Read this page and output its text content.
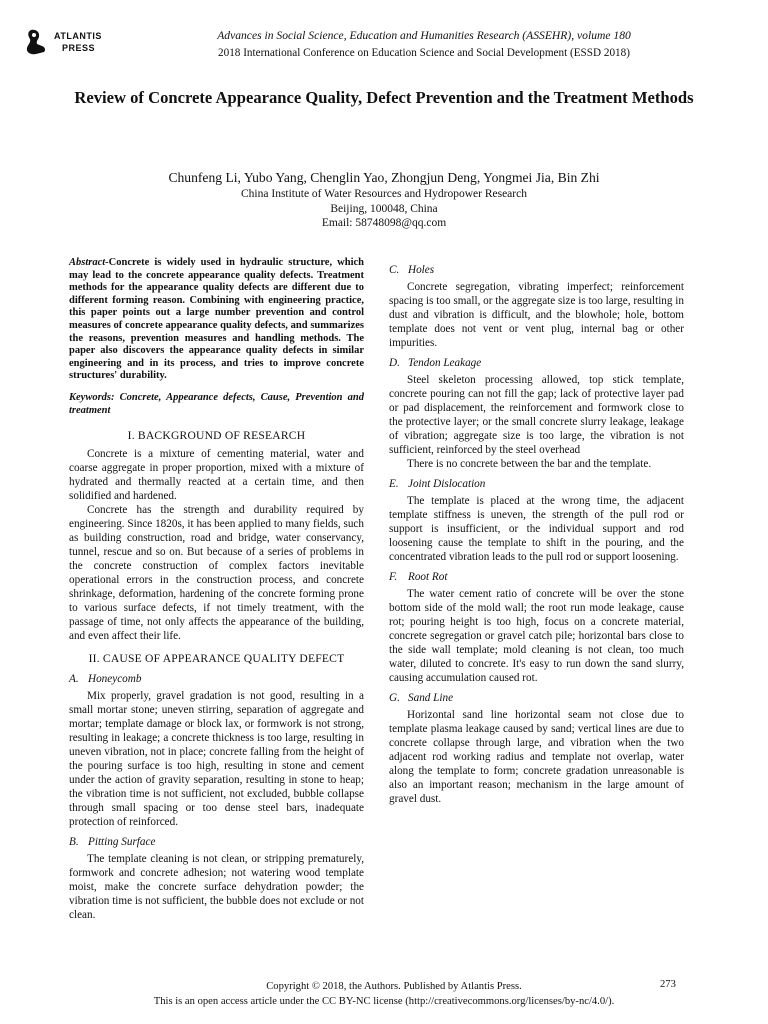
ATLANTIS
PRESS
Advances in Social Science, Education and Humanities Research (ASSEHR), volume 180
2018 International Conference on Education Science and Social Development (ESSD 2018)
Review of Concrete Appearance Quality, Defect Prevention and the Treatment Methods
Chunfeng Li, Yubo Yang, Chenglin Yao, Zhongjun Deng, Yongmei Jia, Bin Zhi
China Institute of Water Resources and Hydropower Research
Beijing, 100048, China
Email: 58748098@qq.com

Abstract-Concrete is widely used in hydraulic structure, which may lead to the concrete appearance quality defects. Treatment methods for the appearance quality defects are different due to different forming reason. Combining with engineering practice, this paper points out a large number prevention and control measures of concrete appearance quality defects, and summarizes the reasons, prevention measures and handling methods. The paper also discovers the appearance quality defects in similar engineering and in its process, and tries to improve concrete structures' durability.

Keywords: Concrete, Appearance defects, Cause, Prevention and treatment

I. BACKGROUND OF RESEARCH

Concrete is a mixture of cementing material, water and coarse aggregate in proper proportion, mixed with a mixture of hydrated and thermally reacted at a certain time, and then solidified and hardened.

Concrete has the strength and durability required by engineering. Since 1820s, it has been applied to many fields, such as building construction, road and bridge, water conservancy, tunnel, rescue and so on. But because of a series of problems in the concrete construction of complex factors inevitable operational errors in the construction process, and concrete shrinkage, deformation, hardening of the concrete forming prone to various surface defects, if not timely treatment, with the passage of time, not only affects the appearance of the building, and even affect their life.

II. CAUSE OF APPEARANCE QUALITY DEFECT

A. Honeycomb

Mix properly, gravel gradation is not good, resulting in a small mortar stone; uneven stirring, separation of aggregate and mortar; template damage or block lax, or formwork is not strong, resulting in leakage; a concrete thickness is too large, resulting in uneven vibration, not in place; concrete falling from the height of the pouring surface is too high, resulting in stone and cement under the action of gravity separation, resulting in stone to heap; the vibration time is not sufficient, not excluded, bubble collapse through small spacing or too dense steel bars, inadequate protection of reinforced.

B. Pitting Surface

The template cleaning is not clean, or stripping prematurely, formwork and concrete adhesion; not watering wood template moist, make the concrete surface dehydration powder; the vibration time is not sufficient, the bubble does not exclude or not clean.

C. Holes

Concrete segregation, vibrating imperfect; reinforcement spacing is too small, or the aggregate size is too large, resulting in dust and vibration is difficult, and the blowhole; hole, bottom template does not vent or vent plug, internal bag or other impurities.

D. Tendon Leakage

Steel skeleton processing allowed, top stick template, concrete pouring can not fill the gap; lack of protective layer pad or pad displacement, the reinforcement and formwork close to the protective layer; or the small concrete slurry leakage, leakage of vibration; aggregate size is too large, the vibration is not sufficient, reinforced by the steel overhead

There is no concrete between the bar and the template.

E. Joint Dislocation

The template is placed at the wrong time, the adjacent template stiffness is uneven, the strength of the pull rod or support is insufficient, or the individual support and rod loosening cause the template to shift in the pouring, and the concentrated vibration leads to the pull rod or support loosening.

F. Root Rot

The water cement ratio of concrete will be over the stone bottom side of the mold wall; the root run mode leakage, cause rot; pouring height is too high, focus on a concrete material, concrete segregation or gravel catch pile; horizontal bars close to the side wall template; mold cleaning is not clean, too much water, diluted to concrete. It's easy to run down the sand slurry, causing accumulation caused rot.

G. Sand Line

Horizontal sand line horizontal seam not close due to template plasma leakage caused by sand; vertical lines are due to concrete collapse through large, and vibration when the two adjacent rod working radius and template not overlap, water along the template to form; concrete gradation unreasonable is also an important reason; mechanism in the large amount of gravel dust.

Copyright © 2018, the Authors. Published by Atlantis Press.
This is an open access article under the CC BY-NC license (http://creativecommons.org/licenses/by-nc/4.0/).
273
